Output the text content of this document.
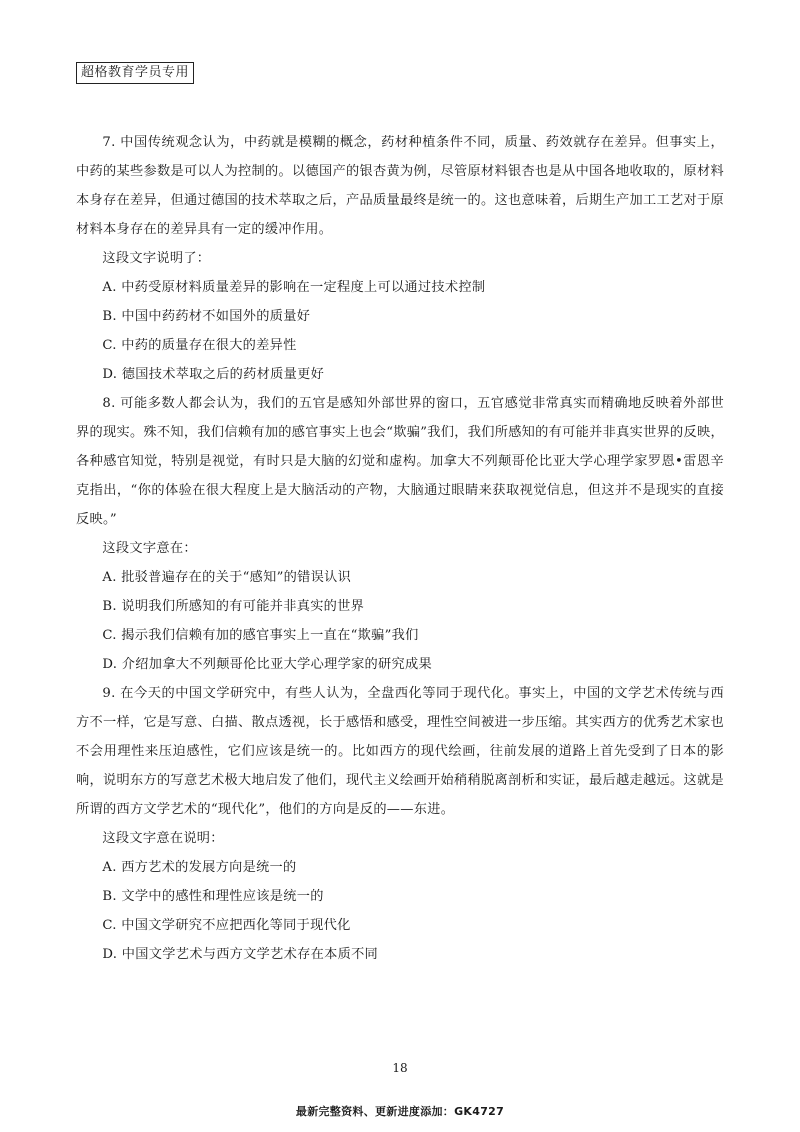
超格教育学员专用

7. 中国传统观念认为，中药就是模糊的概念，药材种植条件不同，质量、药效就存在差异。但事实上，中药的某些参数是可以人为控制的。以德国产的银杏黄为例，尽管原材料银杏也是从中国各地收取的，原材料本身存在差异，但通过德国的技术萃取之后，产品质量最终是统一的。这也意味着，后期生产加工工艺对于原材料本身存在的差异具有一定的缓冲作用。

这段文字说明了：

A. 中药受原材料质量差异的影响在一定程度上可以通过技术控制

B. 中国中药药材不如国外的质量好

C. 中药的质量存在很大的差异性

D. 德国技术萃取之后的药材质量更好

8. 可能多数人都会认为，我们的五官是感知外部世界的窗口，五官感觉非常真实而精确地反映着外部世界的现实。殊不知，我们信赖有加的感官事实上也会“欺骗”我们，我们所感知的有可能并非真实世界的反映，各种感官知觉，特别是视觉，有时只是大脑的幻觉和虚构。加拿大不列颠哥伦比亚大学心理学家罗恩•雷恩辛克指出，“你的体验在很大程度上是大脑活动的产物，大脑通过眼睛来获取视觉信息，但这并不是现实的直接反映。”

这段文字意在：

A. 批驳普遍存在的关于“感知”的错误认识

B. 说明我们所感知的有可能并非真实的世界

C. 揭示我们信赖有加的感官事实上一直在“欺骗”我们

D. 介绍加拿大不列颠哥伦比亚大学心理学家的研究成果

9. 在今天的中国文学研究中，有些人认为，全盘西化等同于现代化。事实上，中国的文学艺术传统与西方不一样，它是写意、白描、散点透视，长于感悟和感受，理性空间被进一步压缩。其实西方的优秀艺术家也不会用理性来压迫感性，它们应该是统一的。比如西方的现代绘画，往前发展的道路上首先受到了日本的影响，说明东方的写意艺术极大地启发了他们，现代主义绘画开始稍稍脱离剖析和实证，最后越走越远。这就是所谓的西方文学艺术的“现代化”，他们的方向是反的——东进。

这段文字意在说明：

A. 西方艺术的发展方向是统一的

B. 文学中的感性和理性应该是统一的

C. 中国文学研究不应把西化等同于现代化

D. 中国文学艺术与西方文学艺术存在本质不同

18
最新完整资料、更新进度添加：GK4727
